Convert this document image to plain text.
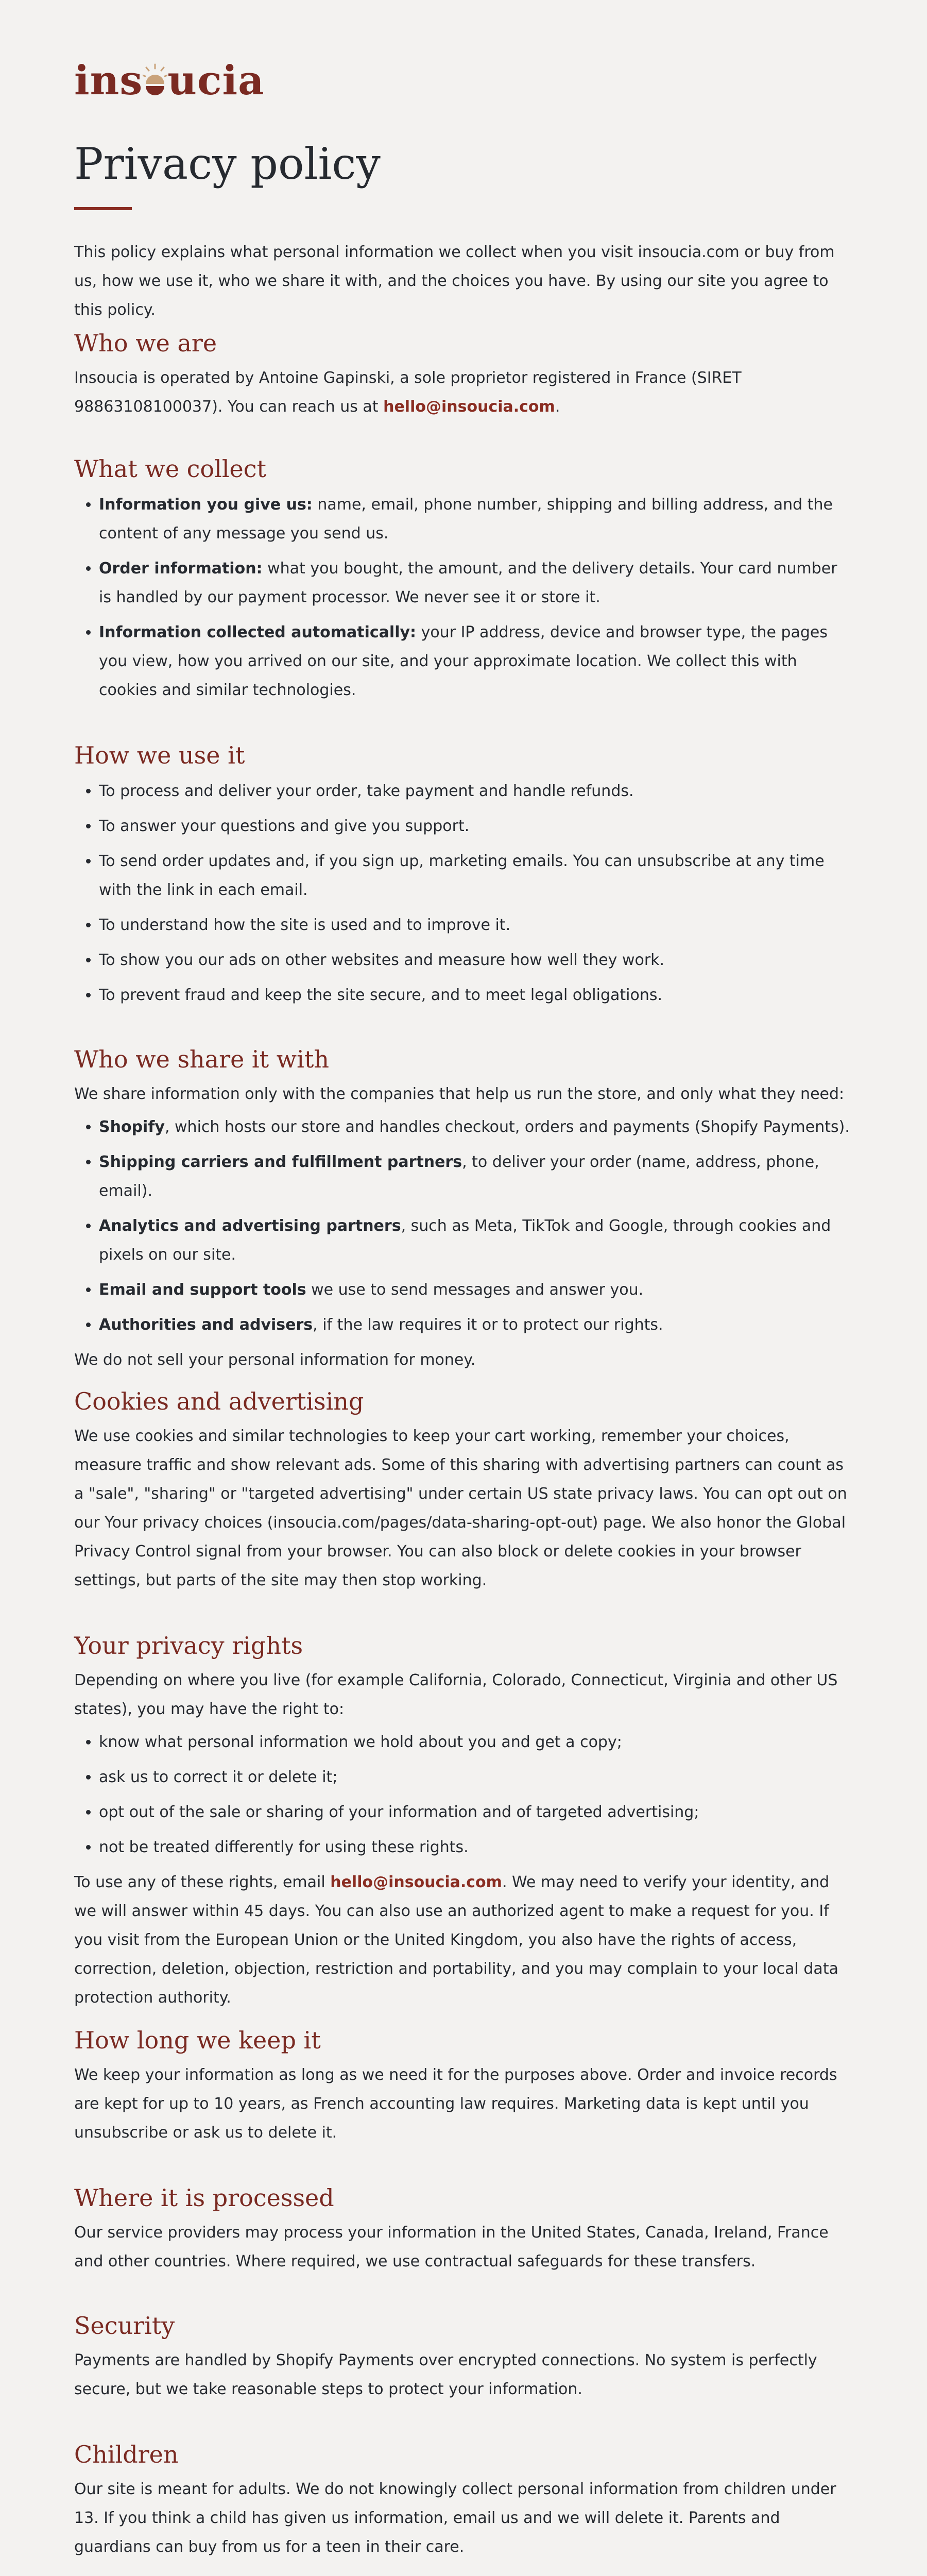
ins ucia
Privacy policy

This policy explains what personal information we collect when you visit insoucia.com or buy from us, how we use it, who we share it with, and the choices you have. By using our site you agree to this policy.

Who we are

Insoucia is operated by Antoine Gapinski, a sole proprietor registered in France (SIRET 98863108100037). You can reach us at hello@insoucia.com.

What we collect
• Information you give us: name, email, phone number, shipping and billing address, and the content of any message you send us.
• Order information: what you bought, the amount, and the delivery details. Your card number is handled by our payment processor. We never see it or store it.
• Information collected automatically: your IP address, device and browser type, the pages you view, how you arrived on our site, and your approximate location. We collect this with cookies and similar technologies.
How we use it
• To process and deliver your order, take payment and handle refunds.
• To answer your questions and give you support.
• To send order updates and, if you sign up, marketing emails. You can unsubscribe at any time with the link in each email.
• To understand how the site is used and to improve it.
• To show you our ads on other websites and measure how well they work.
• To prevent fraud and keep the site secure, and to meet legal obligations.
Who we share it with

We share information only with the companies that help us run the store, and only what they need:

• Shopify, which hosts our store and handles checkout, orders and payments (Shopify Payments).
• Shipping carriers and fulfillment partners, to deliver your order (name, address, phone, email).
• Analytics and advertising partners, such as Meta, TikTok and Google, through cookies and pixels on our site.
• Email and support tools we use to send messages and answer you.
• Authorities and advisers, if the law requires it or to protect our rights.

We do not sell your personal information for money.

Cookies and advertising

We use cookies and similar technologies to keep your cart working, remember your choices, measure traffic and show relevant ads. Some of this sharing with advertising partners can count as a "sale", "sharing" or "targeted advertising" under certain US state privacy laws. You can opt out on our Your privacy choices (insoucia.com/pages/data-sharing-opt-out) page. We also honor the Global Privacy Control signal from your browser. You can also block or delete cookies in your browser settings, but parts of the site may then stop working.

Your privacy rights

Depending on where you live (for example California, Colorado, Connecticut, Virginia and other US states), you may have the right to:

• know what personal information we hold about you and get a copy;
• ask us to correct it or delete it;
• opt out of the sale or sharing of your information and of targeted advertising;
• not be treated differently for using these rights.

To use any of these rights, email hello@insoucia.com. We may need to verify your identity, and we will answer within 45 days. You can also use an authorized agent to make a request for you. If you visit from the European Union or the United Kingdom, you also have the rights of access, correction, deletion, objection, restriction and portability, and you may complain to your local data protection authority.

How long we keep it

We keep your information as long as we need it for the purposes above. Order and invoice records are kept for up to 10 years, as French accounting law requires. Marketing data is kept until you unsubscribe or ask us to delete it.

Where it is processed

Our service providers may process your information in the United States, Canada, Ireland, France and other countries. Where required, we use contractual safeguards for these transfers.

Security

Payments are handled by Shopify Payments over encrypted connections. No system is perfectly secure, but we take reasonable steps to protect your information.

Children

Our site is meant for adults. We do not knowingly collect personal information from children under 13. If you think a child has given us information, email us and we will delete it. Parents and guardians can buy from us for a teen in their care.
